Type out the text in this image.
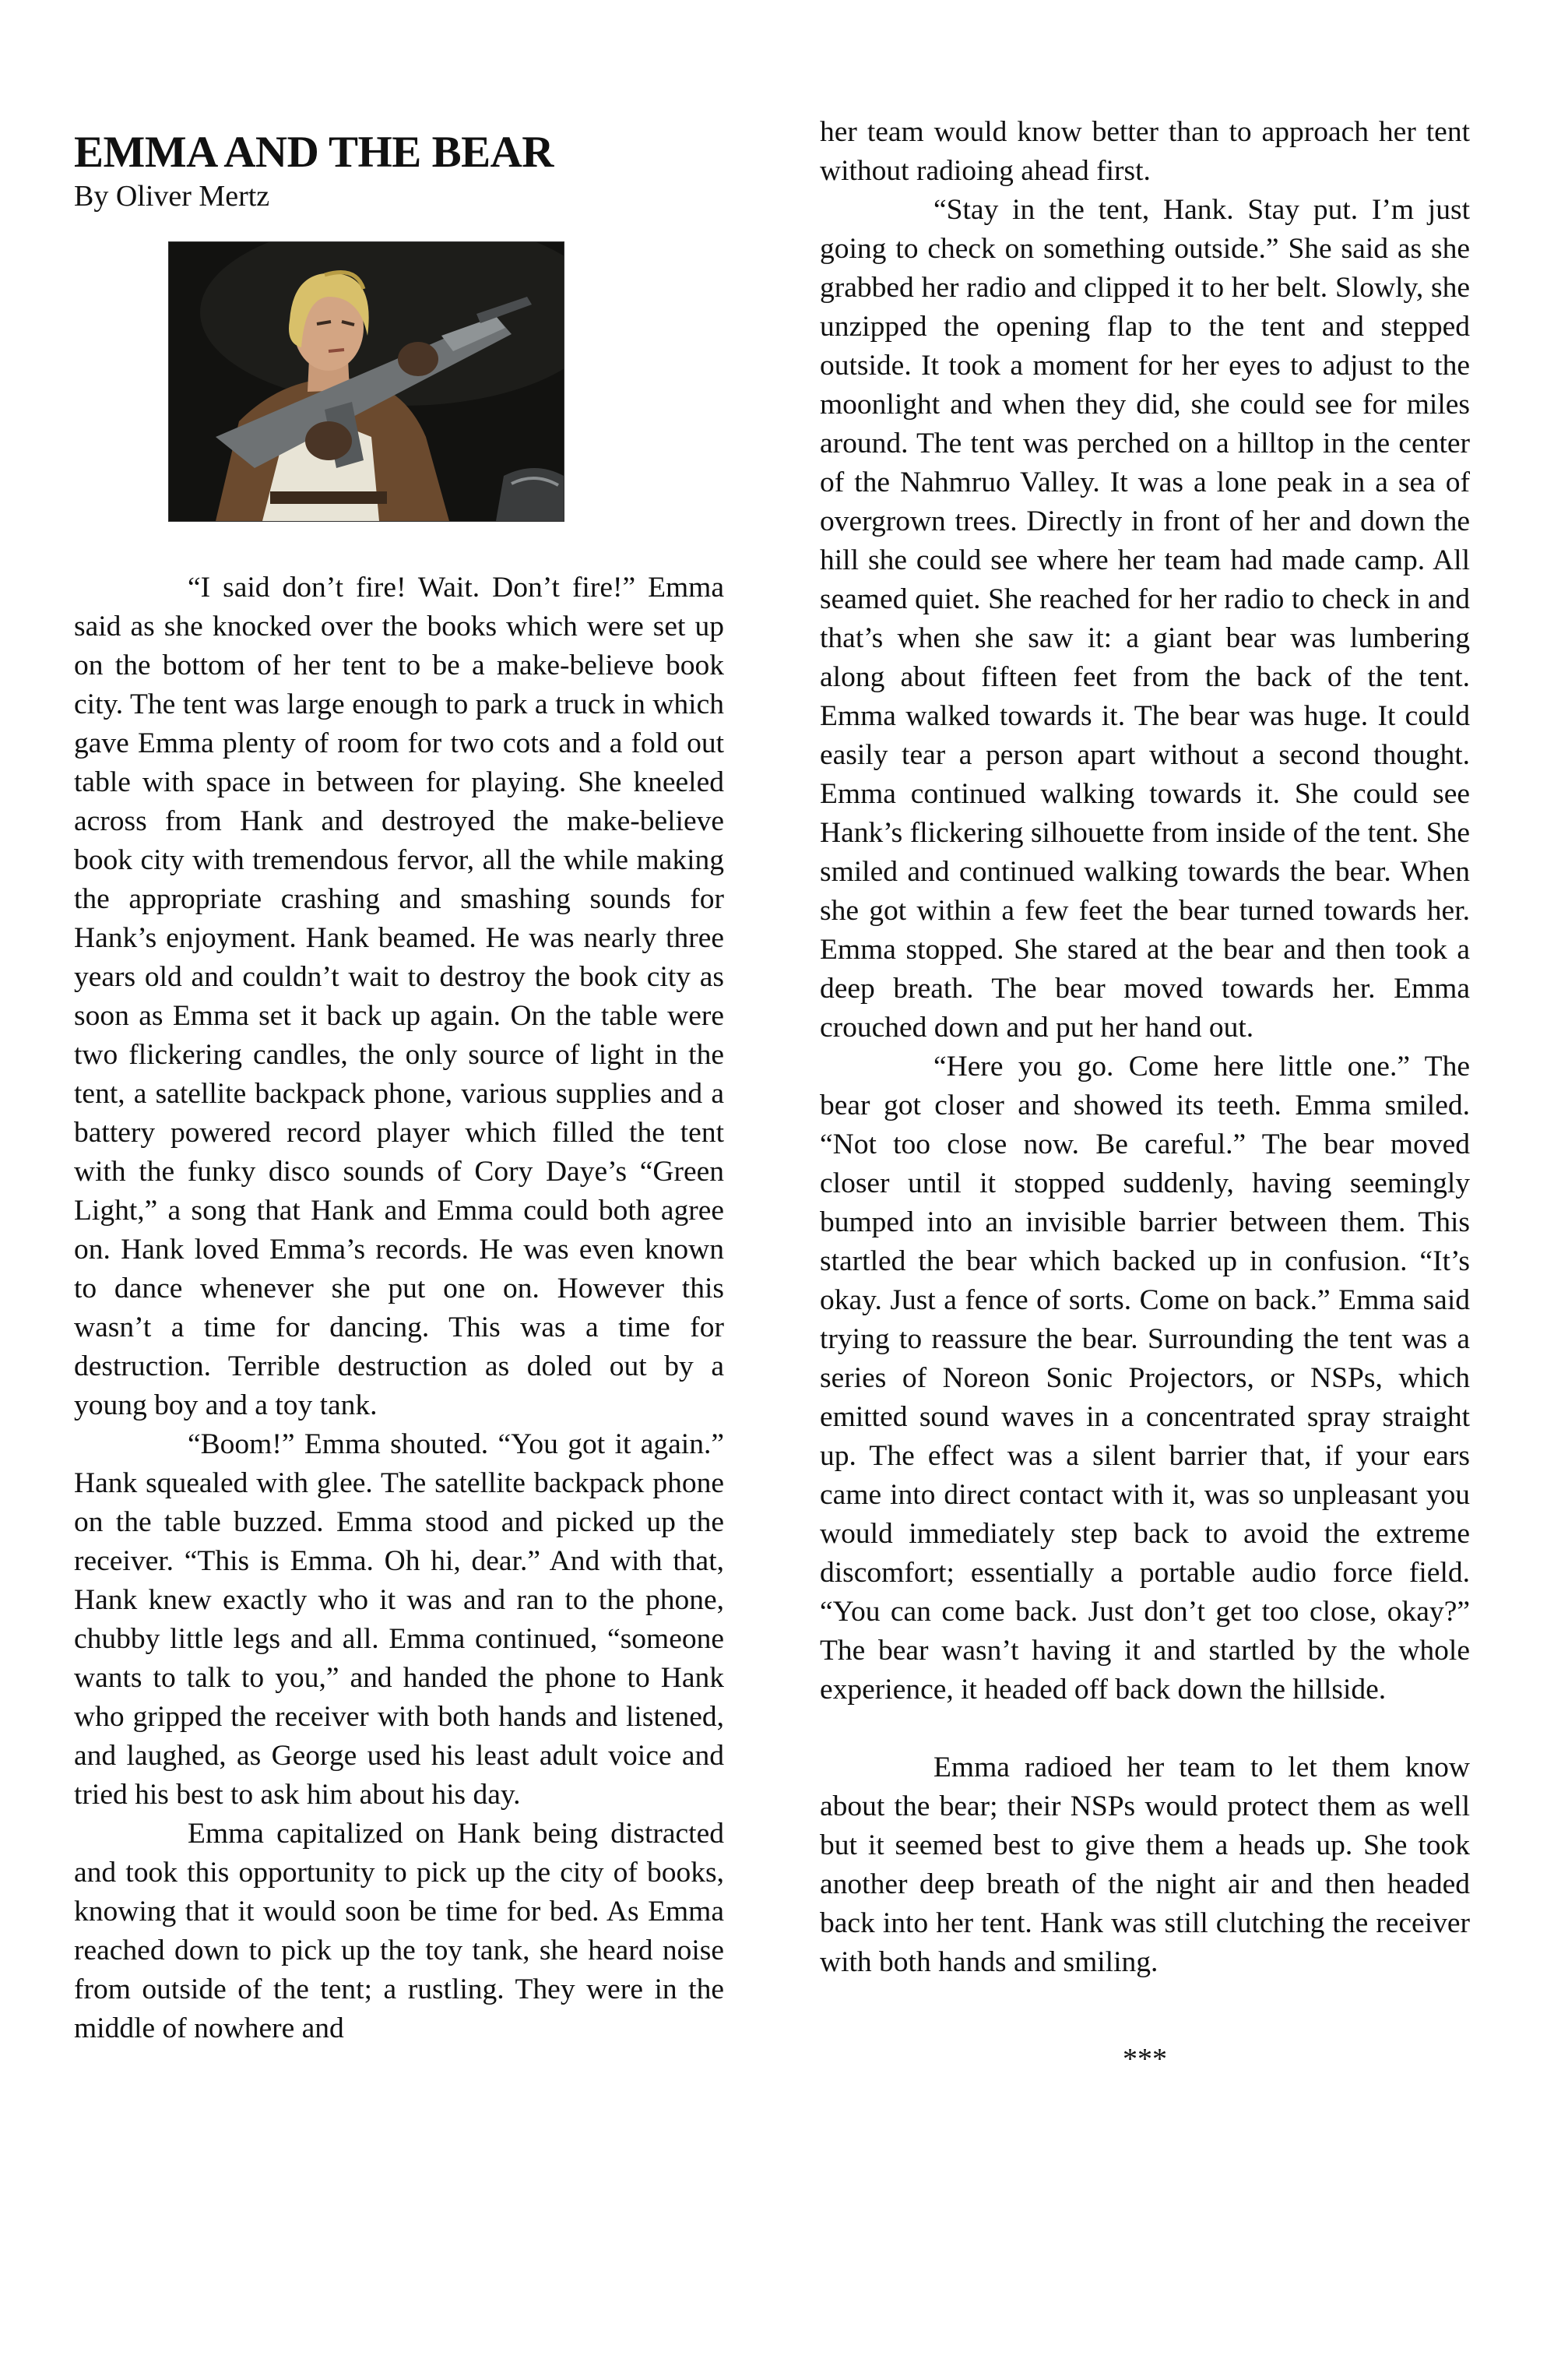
EMMA AND THE BEAR
By Oliver Mertz

“I said don’t fire! Wait. Don’t fire!” Emma said as she knocked over the books which were set up on the bottom of her tent to be a make-believe book city. The tent was large enough to park a truck in which gave Emma plenty of room for two cots and a fold out table with space in between for playing. She kneeled across from Hank and destroyed the make-believe book city with tremendous fervor, all the while making the appropriate crashing and smashing sounds for Hank’s enjoyment. Hank beamed. He was nearly three years old and couldn’t wait to destroy the book city as soon as Emma set it back up again. On the table were two flickering candles, the only source of light in the tent, a satellite backpack phone, various supplies and a battery powered record player which filled the tent with the funky disco sounds of Cory Daye’s “Green Light,” a song that Hank and Emma could both agree on. Hank loved Emma’s records. He was even known to dance whenever she put one on. However this wasn’t a time for dancing. This was a time for destruction. Terrible destruction as doled out by a young boy and a toy tank.

“Boom!” Emma shouted. “You got it again.” Hank squealed with glee. The satellite backpack phone on the table buzzed. Emma stood and picked up the receiver. “This is Emma. Oh hi, dear.” And with that, Hank knew exactly who it was and ran to the phone, chubby little legs and all. Emma continued, “someone wants to talk to you,” and handed the phone to Hank who gripped the receiver with both hands and listened, and laughed, as George used his least adult voice and tried his best to ask him about his day.

Emma capitalized on Hank being distracted and took this opportunity to pick up the city of books, knowing that it would soon be time for bed. As Emma reached down to pick up the toy tank, she heard noise from outside of the tent; a rustling. They were in the middle of nowhere and

her team would know better than to approach her tent without radioing ahead first.

“Stay in the tent, Hank. Stay put. I’m just going to check on something outside.” She said as she grabbed her radio and clipped it to her belt. Slowly, she unzipped the opening flap to the tent and stepped outside. It took a moment for her eyes to adjust to the moonlight and when they did, she could see for miles around. The tent was perched on a hilltop in the center of the Nahmruo Valley. It was a lone peak in a sea of overgrown trees. Directly in front of her and down the hill she could see where her team had made camp. All seamed quiet. She reached for her radio to check in and that’s when she saw it: a giant bear was lumbering along about fifteen feet from the back of the tent. Emma walked towards it. The bear was huge. It could easily tear a person apart without a second thought. Emma continued walking towards it. She could see Hank’s flickering silhouette from inside of the tent. She smiled and continued walking towards the bear. When she got within a few feet the bear turned towards her. Emma stopped. She stared at the bear and then took a deep breath. The bear moved towards her. Emma crouched down and put her hand out.

“Here you go. Come here little one.” The bear got closer and showed its teeth. Emma smiled. “Not too close now. Be careful.” The bear moved closer until it stopped suddenly, having seemingly bumped into an invisible barrier between them. This startled the bear which backed up in confusion. “It’s okay. Just a fence of sorts. Come on back.” Emma said trying to reassure the bear. Surrounding the tent was a series of Noreon Sonic Projectors, or NSPs, which emitted sound waves in a concentrated spray straight up. The effect was a silent barrier that, if your ears came into direct contact with it, was so unpleasant you would immediately step back to avoid the extreme discomfort; essentially a portable audio force field. “You can come back. Just don’t get too close, okay?” The bear wasn’t having it and startled by the whole experience, it headed off back down the hillside.

Emma radioed her team to let them know about the bear; their NSPs would protect them as well but it seemed best to give them a heads up. She took another deep breath of the night air and then headed back into her tent. Hank was still clutching the receiver with both hands and smiling.

***
